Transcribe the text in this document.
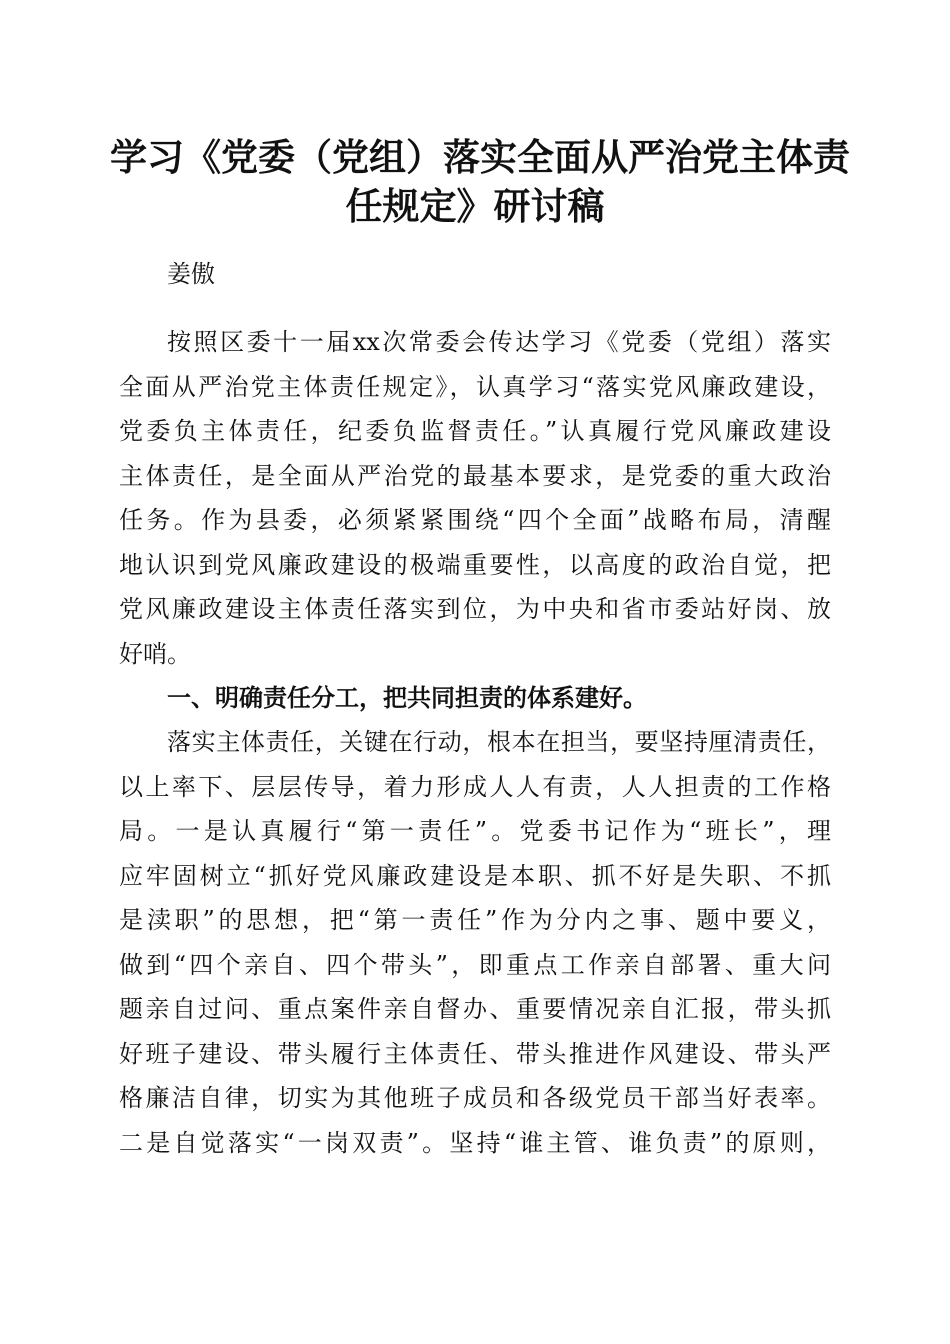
学习《党委（党组）落实全面从严治党主体责
任规定》研讨稿
姜傲
按照区委十一届xx次常委会传达学习《党委（党组）落实
全面从严治党主体责任规定》，认真学习“落实党风廉政建设，
党委负主体责任，纪委负监督责任。”认真履行党风廉政建设
主体责任，是全面从严治党的最基本要求，是党委的重大政治
任务。作为县委，必须紧紧围绕“四个全面”战略布局，清醒
地认识到党风廉政建设的极端重要性，以高度的政治自觉，把
党风廉政建设主体责任落实到位，为中央和省市委站好岗、放
好哨。
一、明确责任分工，把共同担责的体系建好。
落实主体责任，关键在行动，根本在担当，要坚持厘清责任，
以上率下、层层传导，着力形成人人有责，人人担责的工作格
局。一是认真履行“第一责任”。党委书记作为“班长”，理
应牢固树立“抓好党风廉政建设是本职、抓不好是失职、不抓
是渎职”的思想，把“第一责任”作为分内之事、题中要义，
做到“四个亲自、四个带头”，即重点工作亲自部署、重大问
题亲自过问、重点案件亲自督办、重要情况亲自汇报，带头抓
好班子建设、带头履行主体责任、带头推进作风建设、带头严
格廉洁自律，切实为其他班子成员和各级党员干部当好表率。
二是自觉落实“一岗双责”。坚持“谁主管、谁负责”的原则，
